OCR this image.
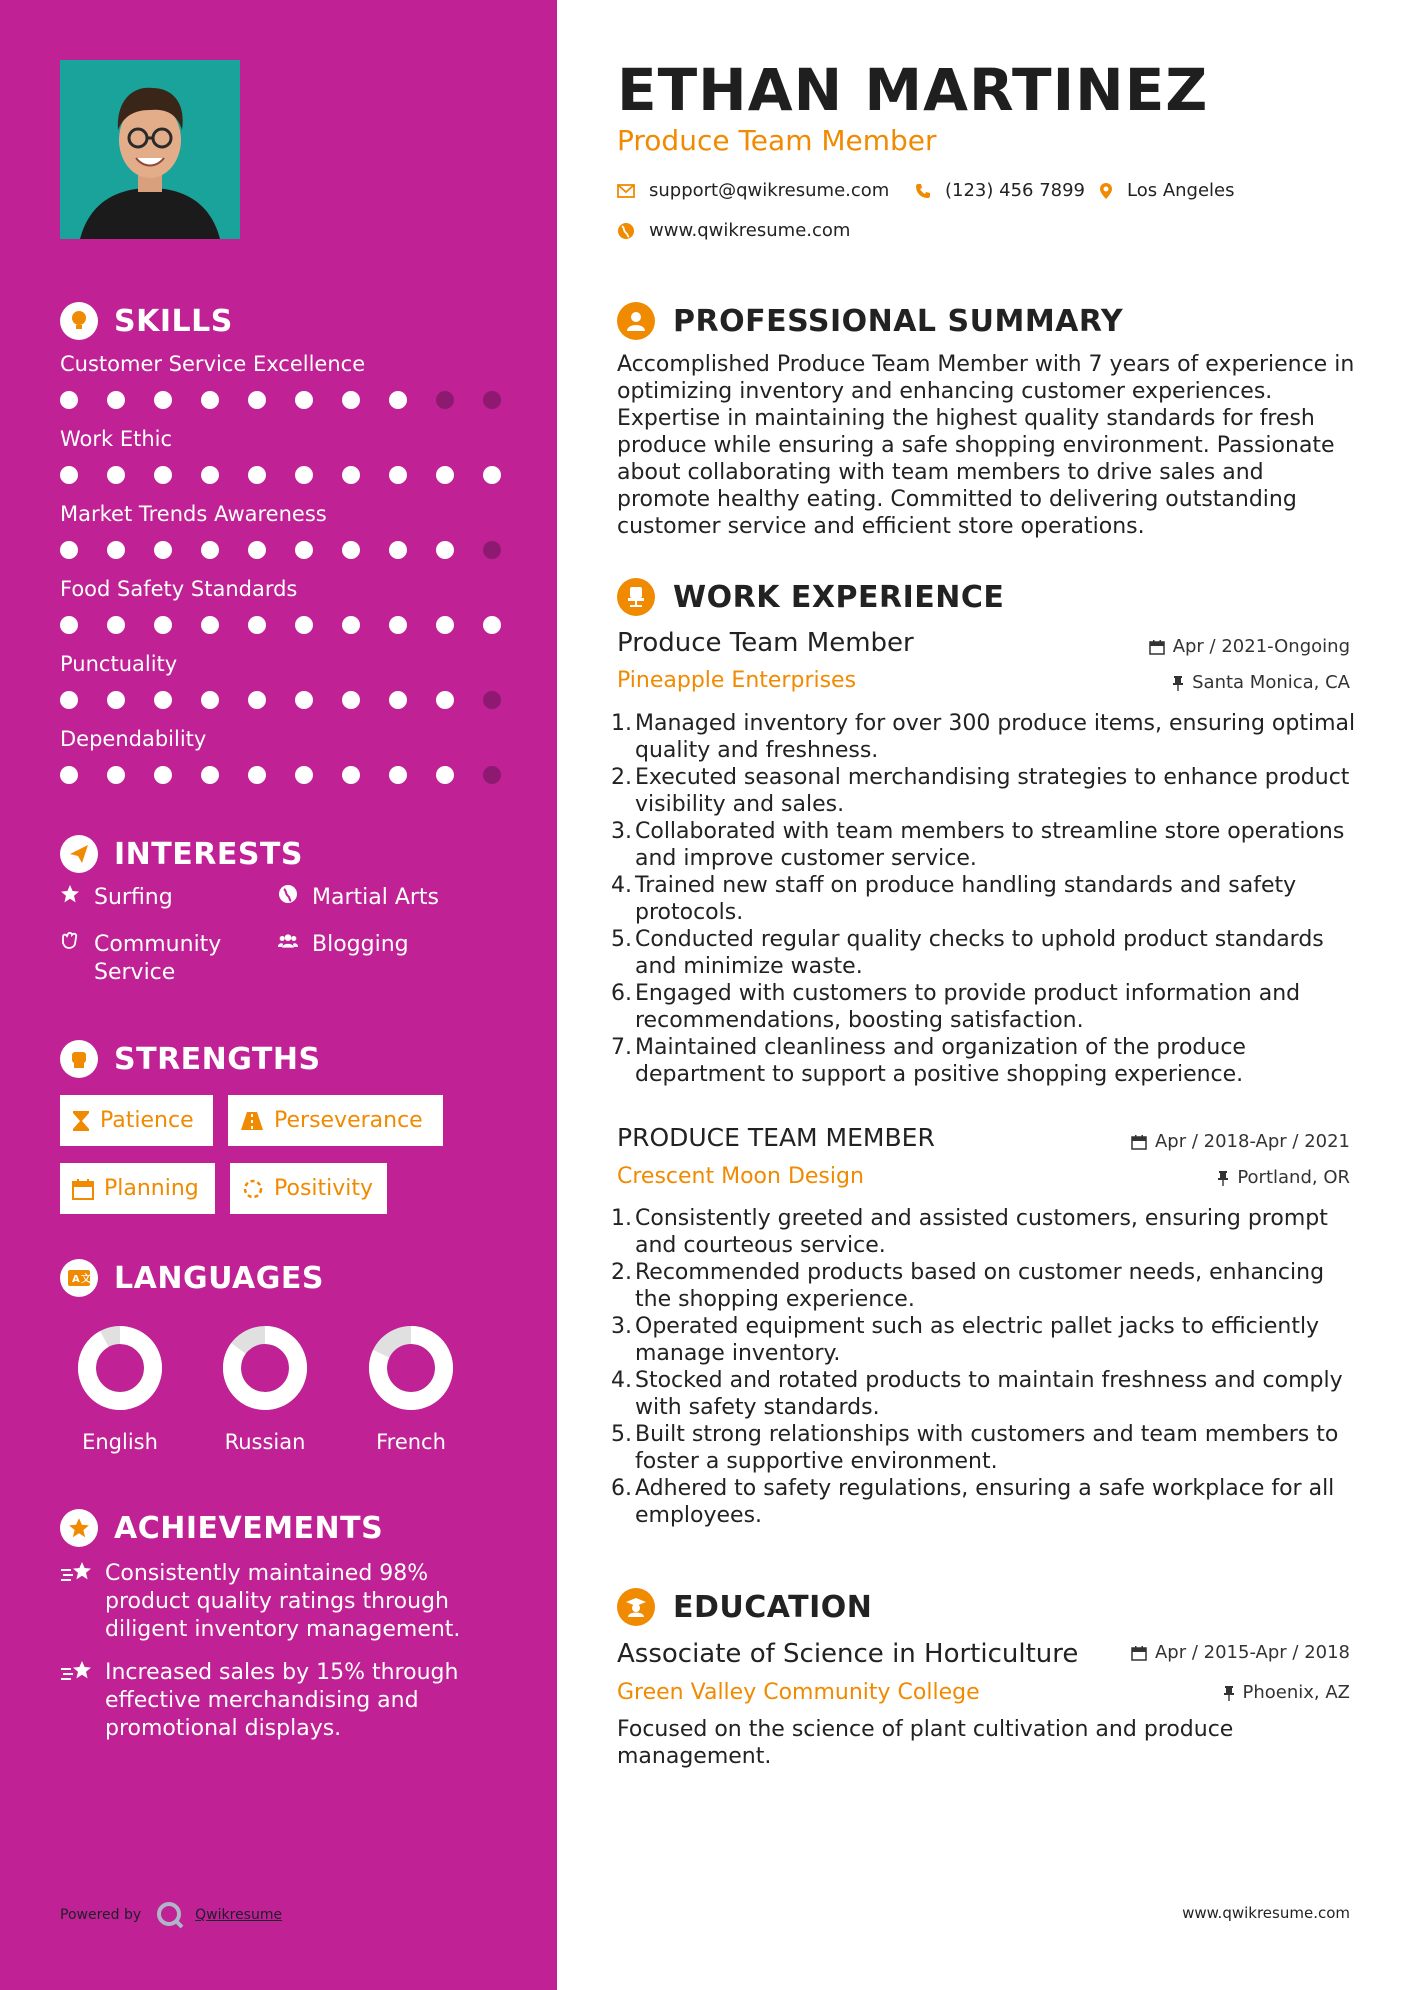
SKILLS
INTERESTS
Surfing	Martial Arts
Community Service
Blogging
STRENGTHS
Patience	Perseverance
Planning	Positivity
A 文 LANGUAGES
English	Russian	French
ACHIEVEMENTS
Consistently maintained 98% product quality ratings through diligent inventory management.
Increased sales by 15% through effective merchandising and promotional displays.
Powered by	Qwikresume
Customer Service Excellence
Work Ethic
Market Trends Awareness
Food Safety Standards
Punctuality
Dependability
ETHAN MARTINEZ
Produce Team Member
support@qwikresume.com	(123) 456 7899 Los Angeles
www.qwikresume.com
PROFESSIONAL SUMMARY
Accomplished Produce Team Member with 7 years of experience in optimizing inventory and enhancing customer experiences. Expertise in maintaining the highest quality standards for fresh produce while ensuring a safe shopping environment. Passionate about collaborating with team members to drive sales and promote healthy eating. Committed to delivering outstanding customer service and efficient store operations.
WORK EXPERIENCE
Produce Team Member	Apr / 2021-Ongoing
Pineapple Enterprises	Santa Monica, CA
1. Managed inventory for over 300 produce items, ensuring optimal quality and freshness.
2. Executed seasonal merchandising strategies to enhance product visibility and sales.
3. Collaborated with team members to streamline store operations and improve customer service.
4. Trained new staff on produce handling standards and safety protocols.
5. Conducted regular quality checks to uphold product standards and minimize waste.
6. Engaged with customers to provide product information and recommendations, boosting satisfaction.
7. Maintained cleanliness and organization of the produce department to support a positive shopping experience.
PRODUCE TEAM MEMBER	Apr / 2018-Apr / 2021
Crescent Moon Design	Portland, OR
1. Consistently greeted and assisted customers, ensuring prompt and courteous service.
2. Recommended products based on customer needs, enhancing the shopping experience.
3. Operated equipment such as electric pallet jacks to efficiently manage inventory.
4. Stocked and rotated products to maintain freshness and comply with safety standards.
5. Built strong relationships with customers and team members to foster a supportive environment.
6. Adhered to safety regulations, ensuring a safe workplace for all employees.
EDUCATION
Associate of Science in Horticulture	Apr / 2015-Apr / 2018
Green Valley Community College	Phoenix, AZ
Focused on the science of plant cultivation and produce management.
www.qwikresume.com
